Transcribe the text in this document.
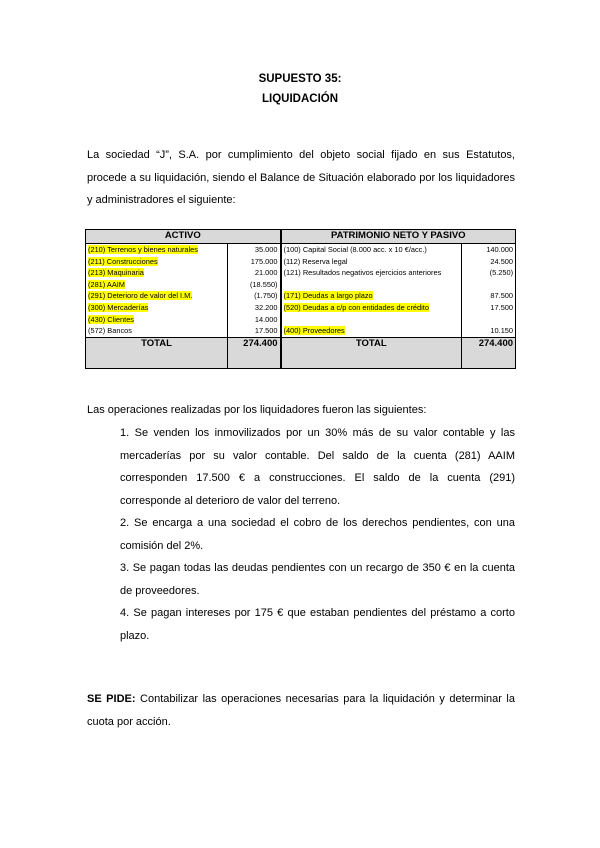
SUPUESTO 35:
LIQUIDACIÓN
La sociedad “J”, S.A. por cumplimiento del objeto social fijado en sus Estatutos, procede a su liquidación, siendo el Balance de Situación elaborado por los liquidadores y administradores el siguiente:
ACTIVO		PATRIMONIO NETO Y PASIVO	
(210) Terrenos y bienes naturales	35.000	(100) Capital Social (8.000 acc. x 10 €/acc.)	140.000
(211) Construcciones	175.000	(112) Reserva legal	24.500
(213) Maquinaria	21.000	(121) Resultados negativos ejercicios anteriores	(5.250)
(281) AAIM	(18.550)		
(291) Deterioro de valor del I.M.	(1.750)	(171) Deudas a largo plazo	87.500
(300) Mercaderías	32.200	(520) Deudas a c/p con entidades de crédito	17.500
(430) Clientes	14.000		
(572) Bancos	17.500	(400) Proveedores	10.150
TOTAL	274.400	TOTAL	274.400
Las operaciones realizadas por los liquidadores fueron las siguientes:
1. Se venden los inmovilizados por un 30% más de su valor contable y las mercaderías por su valor contable. Del saldo de la cuenta (281) AAIM corresponden 17.500 € a construcciones. El saldo de la cuenta (291) corresponde al deterioro de valor del terreno.
2. Se encarga a una sociedad el cobro de los derechos pendientes, con una comisión del 2%.
3. Se pagan todas las deudas pendientes con un recargo de 350 € en la cuenta de proveedores.
4. Se pagan intereses por 175 € que estaban pendientes del préstamo a corto plazo.
SE PIDE: Contabilizar las operaciones necesarias para la liquidación y determinar la cuota por acción.
